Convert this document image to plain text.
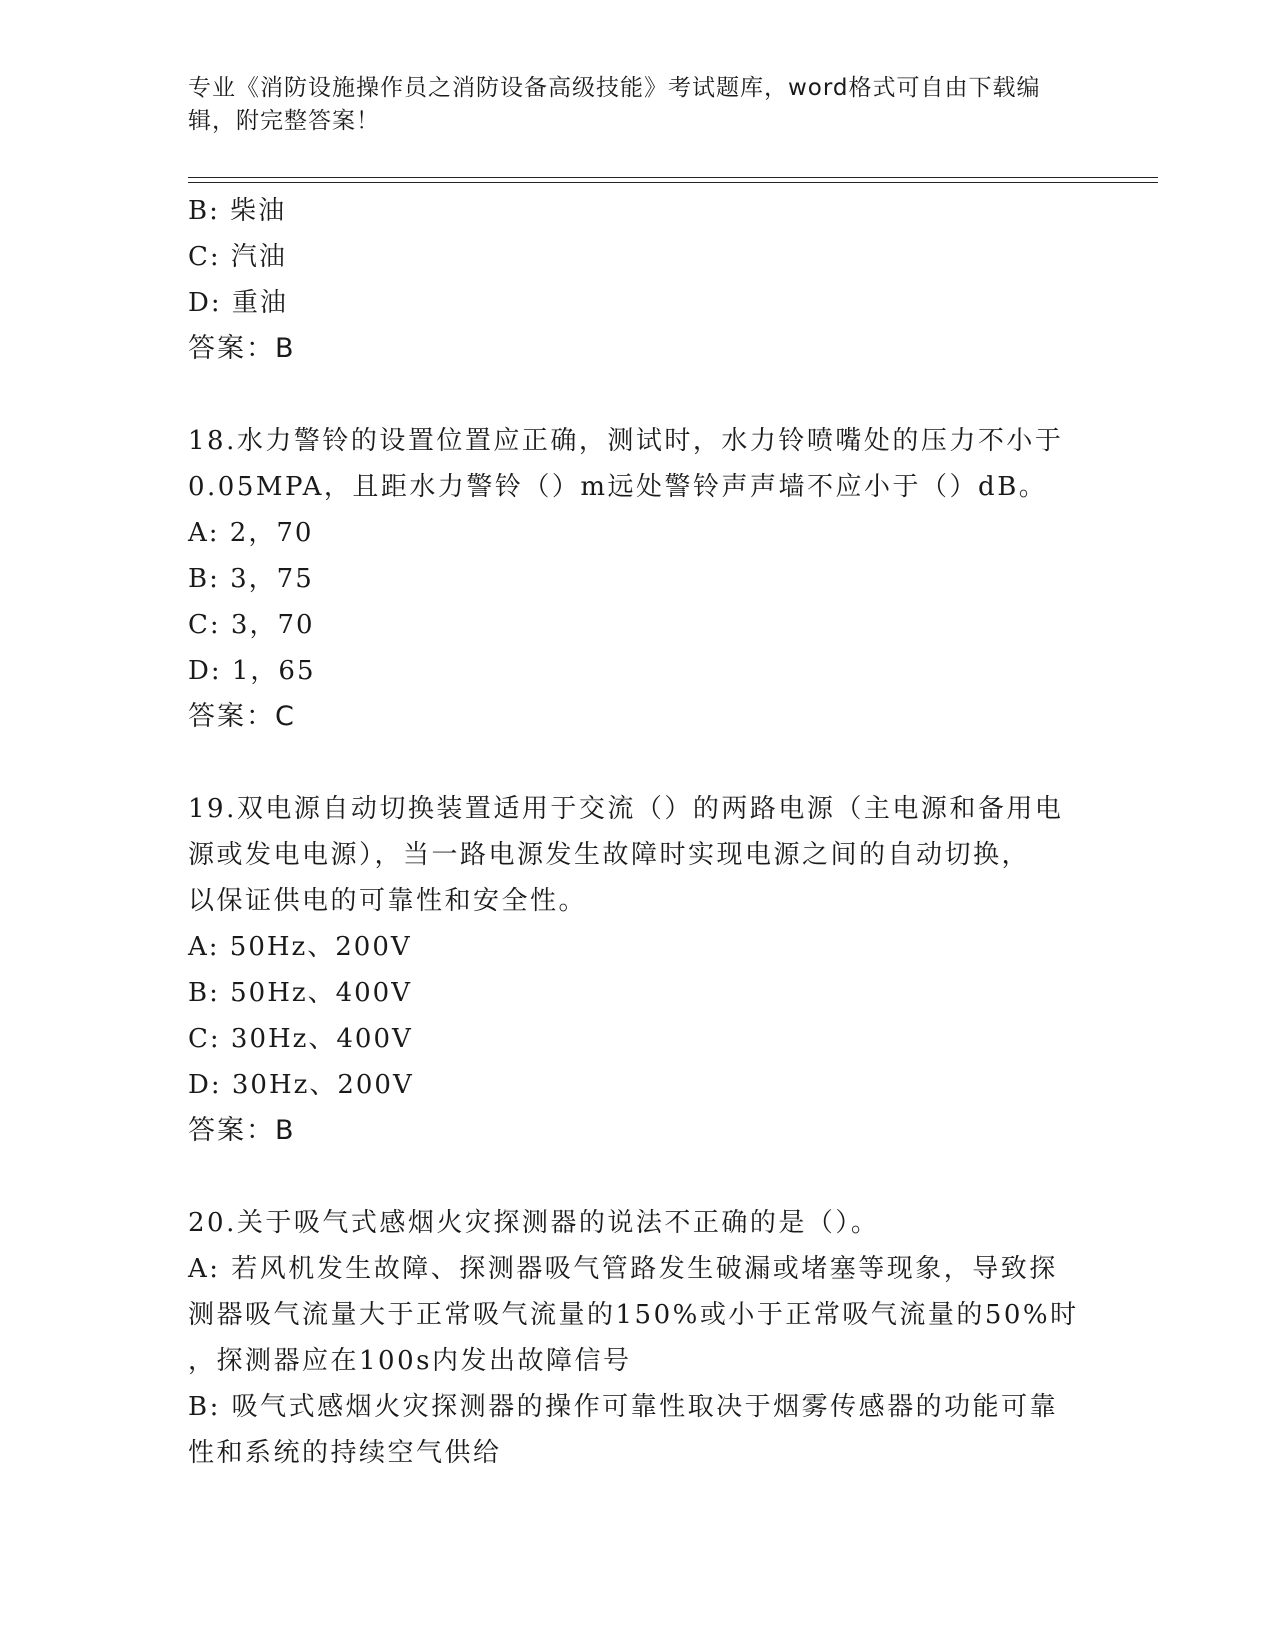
专业《消防设施操作员之消防设备高级技能》考试题库，word格式可自由下载编
辑，附完整答案！
B: 柴油
C: 汽油
D: 重油
答案：B
18.水力警铃的设置位置应正确，测试时，水力铃喷嘴处的压力不小于
0.05MPA，且距水力警铃（）m远处警铃声声墙不应小于（）dB。
A: 2，70
B: 3，75
C: 3，70
D: 1，65
答案：C
19.双电源自动切换装置适用于交流（）的两路电源（主电源和备用电
源或发电电源），当一路电源发生故障时实现电源之间的自动切换，
以保证供电的可靠性和安全性。
A: 50Hz、200V
B: 50Hz、400V
C: 30Hz、400V
D: 30Hz、200V
答案：B
20.关于吸气式感烟火灾探测器的说法不正确的是（）。
A: 若风机发生故障、探测器吸气管路发生破漏或堵塞等现象，导致探
测器吸气流量大于正常吸气流量的150%或小于正常吸气流量的50%时
，探测器应在100s内发出故障信号
B: 吸气式感烟火灾探测器的操作可靠性取决于烟雾传感器的功能可靠
性和系统的持续空气供给
